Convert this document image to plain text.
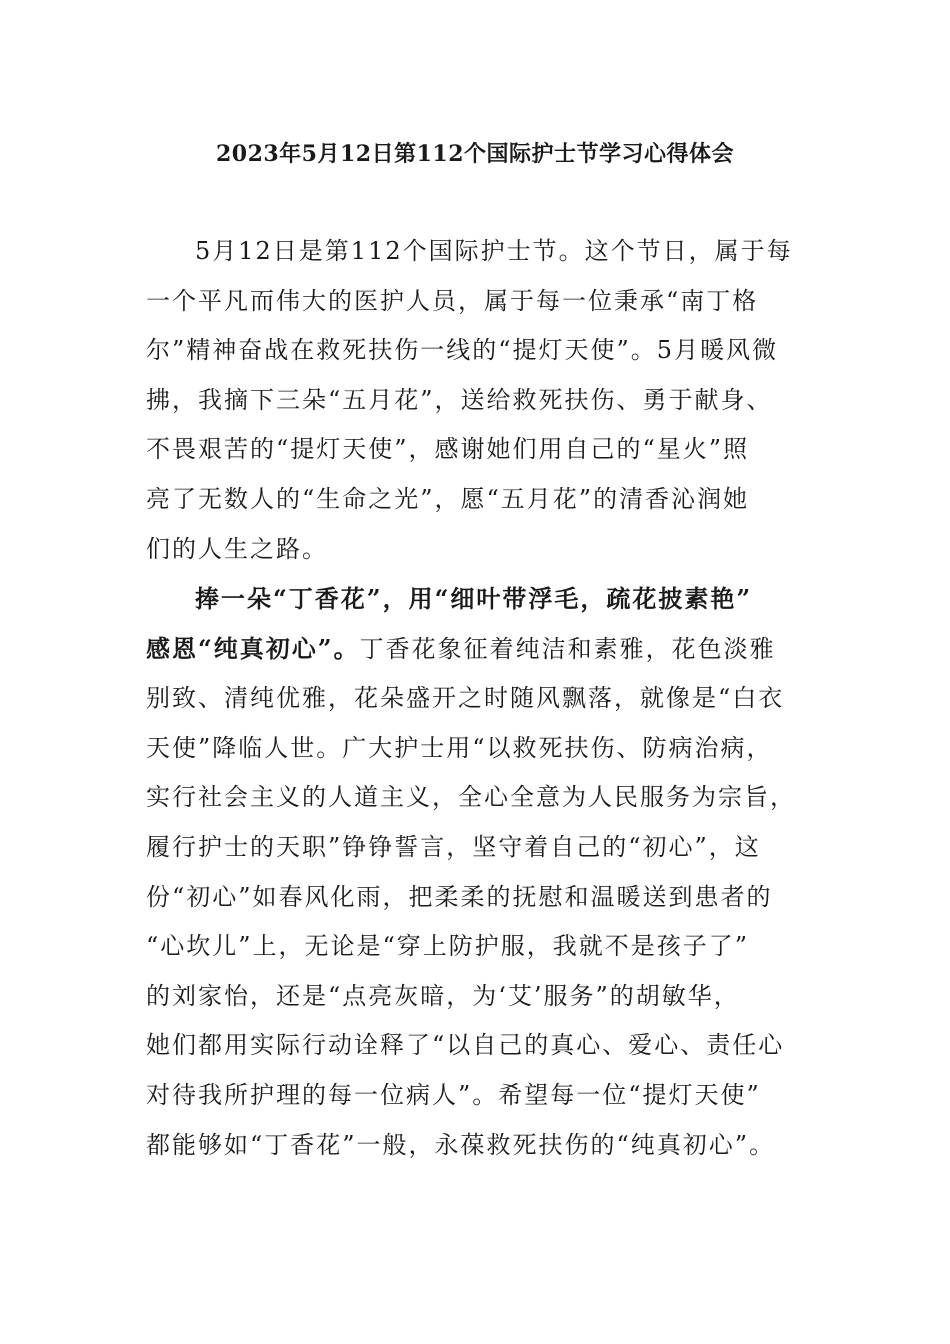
2023年5月12日第112个国际护士节学习心得体会
5月12日是第112个国际护士节。这个节日，属于每
一个平凡而伟大的医护人员，属于每一位秉承“南丁格
尔”精神奋战在救死扶伤一线的“提灯天使”。5月暖风微
拂，我摘下三朵“五月花”，送给救死扶伤、勇于献身、
不畏艰苦的“提灯天使”，感谢她们用自己的“星火”照
亮了无数人的“生命之光”，愿“五月花”的清香沁润她
们的人生之路。
捧一朵“丁香花”，用“细叶带浮毛，疏花披素艳”
感恩“纯真初心”。丁香花象征着纯洁和素雅，花色淡雅
别致、清纯优雅，花朵盛开之时随风飘落，就像是“白衣
天使”降临人世。广大护士用“以救死扶伤、防病治病，
实行社会主义的人道主义，全心全意为人民服务为宗旨，
履行护士的天职”铮铮誓言，坚守着自己的“初心”，这
份“初心”如春风化雨，把柔柔的抚慰和温暖送到患者的
“心坎儿”上，无论是“穿上防护服，我就不是孩子了”
的刘家怡，还是“点亮灰暗，为‘艾’服务”的胡敏华，
她们都用实际行动诠释了“以自己的真心、爱心、责任心
对待我所护理的每一位病人”。希望每一位“提灯天使”
都能够如“丁香花”一般，永葆救死扶伤的“纯真初心”。
